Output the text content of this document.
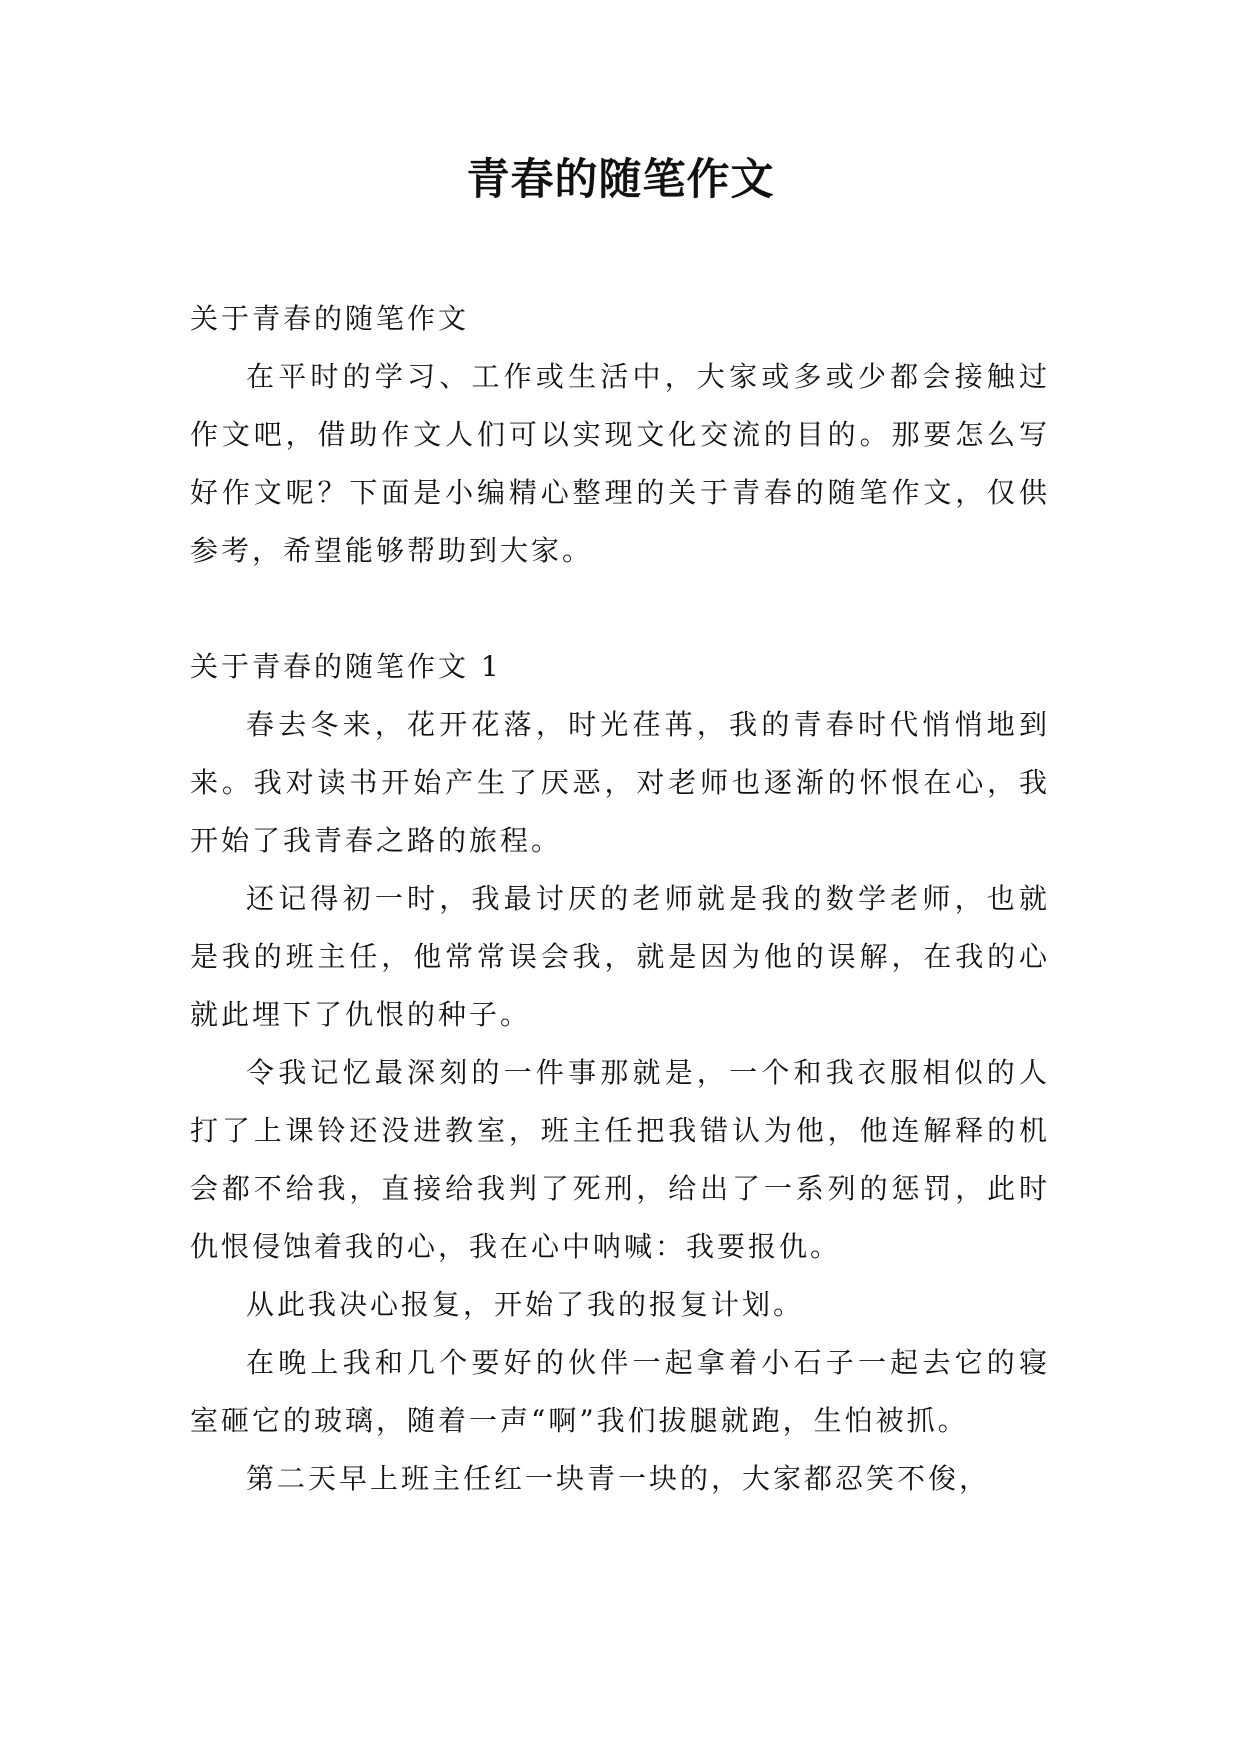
青春的随笔作文

关于青春的随笔作文

在平时的学习、工作或生活中，大家或多或少都会接触过作文吧，借助作文人们可以实现文化交流的目的。那要怎么写好作文呢？下面是小编精心整理的关于青春的随笔作文，仅供参考，希望能够帮助到大家。

关于青春的随笔作文 1

春去冬来，花开花落，时光荏苒，我的青春时代悄悄地到来。我对读书开始产生了厌恶，对老师也逐渐的怀恨在心，我开始了我青春之路的旅程。

还记得初一时，我最讨厌的老师就是我的数学老师，也就是我的班主任，他常常误会我，就是因为他的误解，在我的心就此埋下了仇恨的种子。

令我记忆最深刻的一件事那就是，一个和我衣服相似的人打了上课铃还没进教室，班主任把我错认为他，他连解释的机会都不给我，直接给我判了死刑，给出了一系列的惩罚，此时仇恨侵蚀着我的心，我在心中呐喊：我要报仇。

从此我决心报复，开始了我的报复计划。

在晚上我和几个要好的伙伴一起拿着小石子一起去它的寝室砸它的玻璃，随着一声“啊”我们拔腿就跑，生怕被抓。

第二天早上班主任红一块青一块的，大家都忍笑不俊，
